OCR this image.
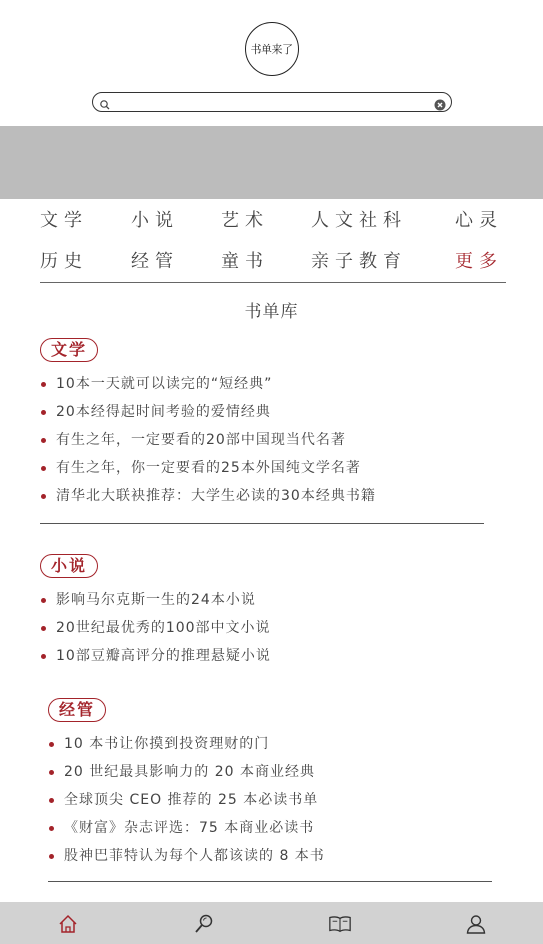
书单来了
文学 小说 艺术 人文社科	心灵
历史 经管 童书 亲子教育	更多
书单库
文学
10本一天就可以读完的“短经典”
20本经得起时间考验的爱情经典
有生之年，一定要看的20部中国现当代名著
有生之年，你一定要看的25本外国纯文学名著
清华北大联袂推荐：大学生必读的30本经典书籍
小说
影响马尔克斯一生的24本小说
20世纪最优秀的100部中文小说
10部豆瓣高评分的推理悬疑小说
经管
10 本书让你摸到投资理财的门
20 世纪最具影响力的 20 本商业经典
全球顶尖 CEO 推荐的 25 本必读书单
《财富》杂志评选：75 本商业必读书
股神巴菲特认为每个人都该读的 8 本书
